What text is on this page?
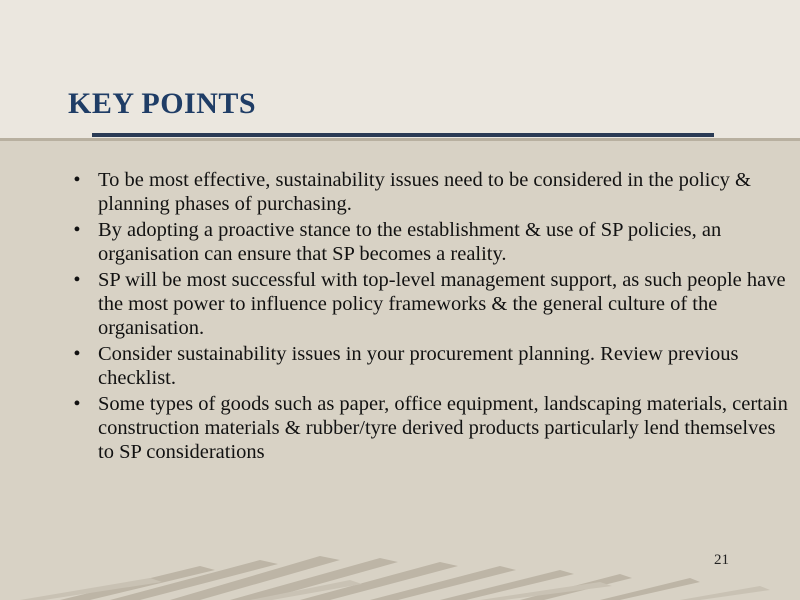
KEY POINTS
• To be most effective, sustainability issues need to be considered in the policy & planning phases of purchasing.
• By adopting a proactive stance to the establishment & use of SP policies, an organisation can ensure that SP becomes a reality.
• SP will be most successful with top-level management support, as such people have the most power to influence policy frameworks & the general culture of the organisation.
• Consider sustainability issues in your procurement planning. Review previous checklist.
• Some types of goods such as paper, office equipment, landscaping materials, certain construction materials & rubber/tyre derived products particularly lend themselves to SP considerations
21
